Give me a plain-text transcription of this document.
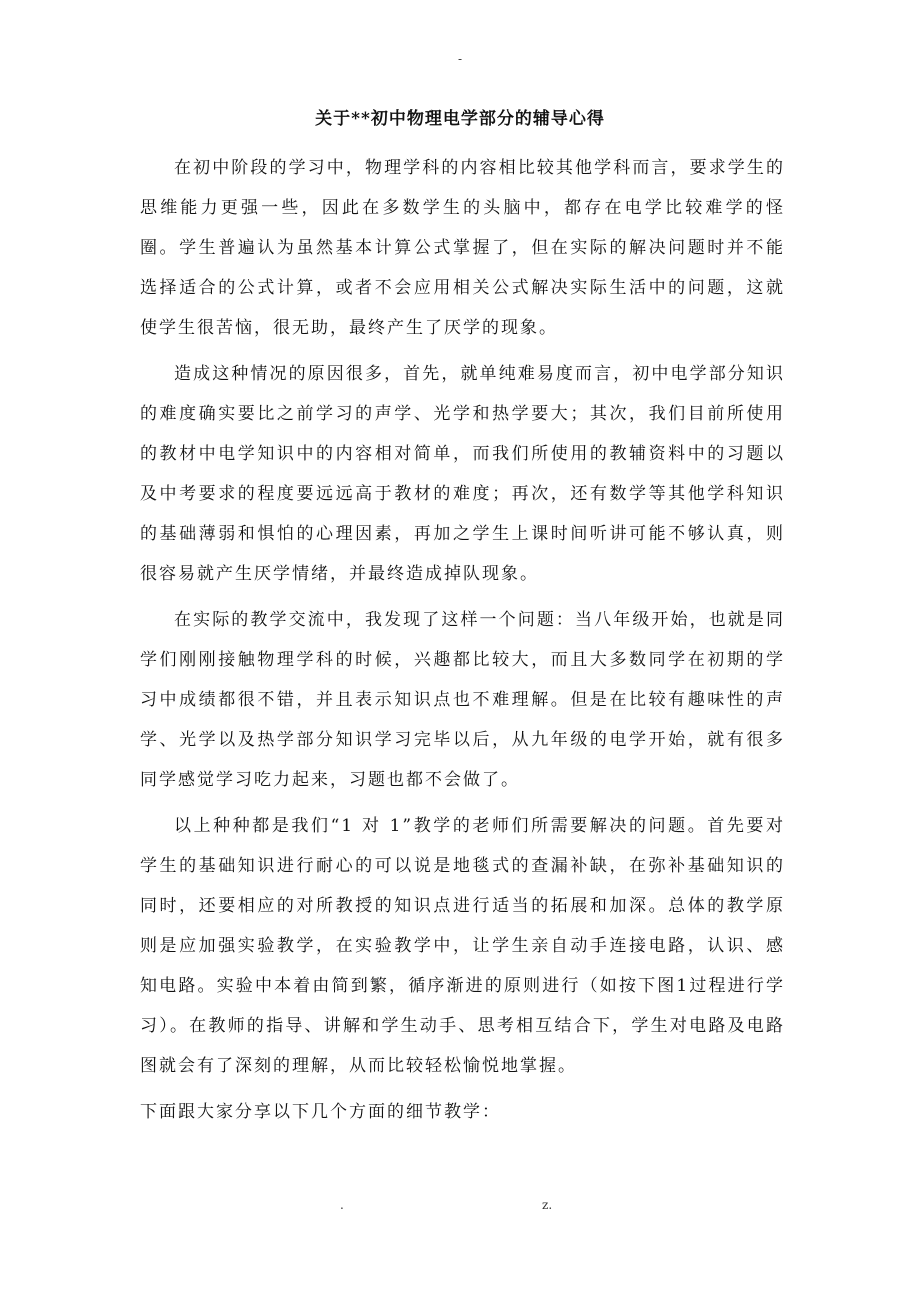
-
关于**初中物理电学部分的辅导心得

在初中阶段的学习中，物理学科的内容相比较其他学科而言，要求学生的思维能力更强一些，因此在多数学生的头脑中，都存在电学比较难学的怪圈。学生普遍认为虽然基本计算公式掌握了，但在实际的解决问题时并不能选择适合的公式计算，或者不会应用相关公式解决实际生活中的问题，这就使学生很苦恼，很无助，最终产生了厌学的现象。

造成这种情况的原因很多，首先，就单纯难易度而言，初中电学部分知识的难度确实要比之前学习的声学、光学和热学要大；其次，我们目前所使用的教材中电学知识中的内容相对简单，而我们所使用的教辅资料中的习题以及中考要求的程度要远远高于教材的难度；再次，还有数学等其他学科知识的基础薄弱和惧怕的心理因素，再加之学生上课时间听讲可能不够认真，则很容易就产生厌学情绪，并最终造成掉队现象。

在实际的教学交流中，我发现了这样一个问题：当八年级开始，也就是同学们刚刚接触物理学科的时候，兴趣都比较大，而且大多数同学在初期的学习中成绩都很不错，并且表示知识点也不难理解。但是在比较有趣味性的声学、光学以及热学部分知识学习完毕以后，从九年级的电学开始，就有很多同学感觉学习吃力起来，习题也都不会做了。

以上种种都是我们“1 对 1”教学的老师们所需要解决的问题。首先要对学生的基础知识进行耐心的可以说是地毯式的查漏补缺，在弥补基础知识的同时，还要相应的对所教授的知识点进行适当的拓展和加深。总体的教学原则是应加强实验教学，在实验教学中，让学生亲自动手连接电路，认识、感知电路。实验中本着由简到繁，循序渐进的原则进行（如按下图1过程进行学习）。在教师的指导、讲解和学生动手、思考相互结合下，学生对电路及电路图就会有了深刻的理解，从而比较轻松愉悦地掌握。

下面跟大家分享以下几个方面的细节教学：

.	z.
